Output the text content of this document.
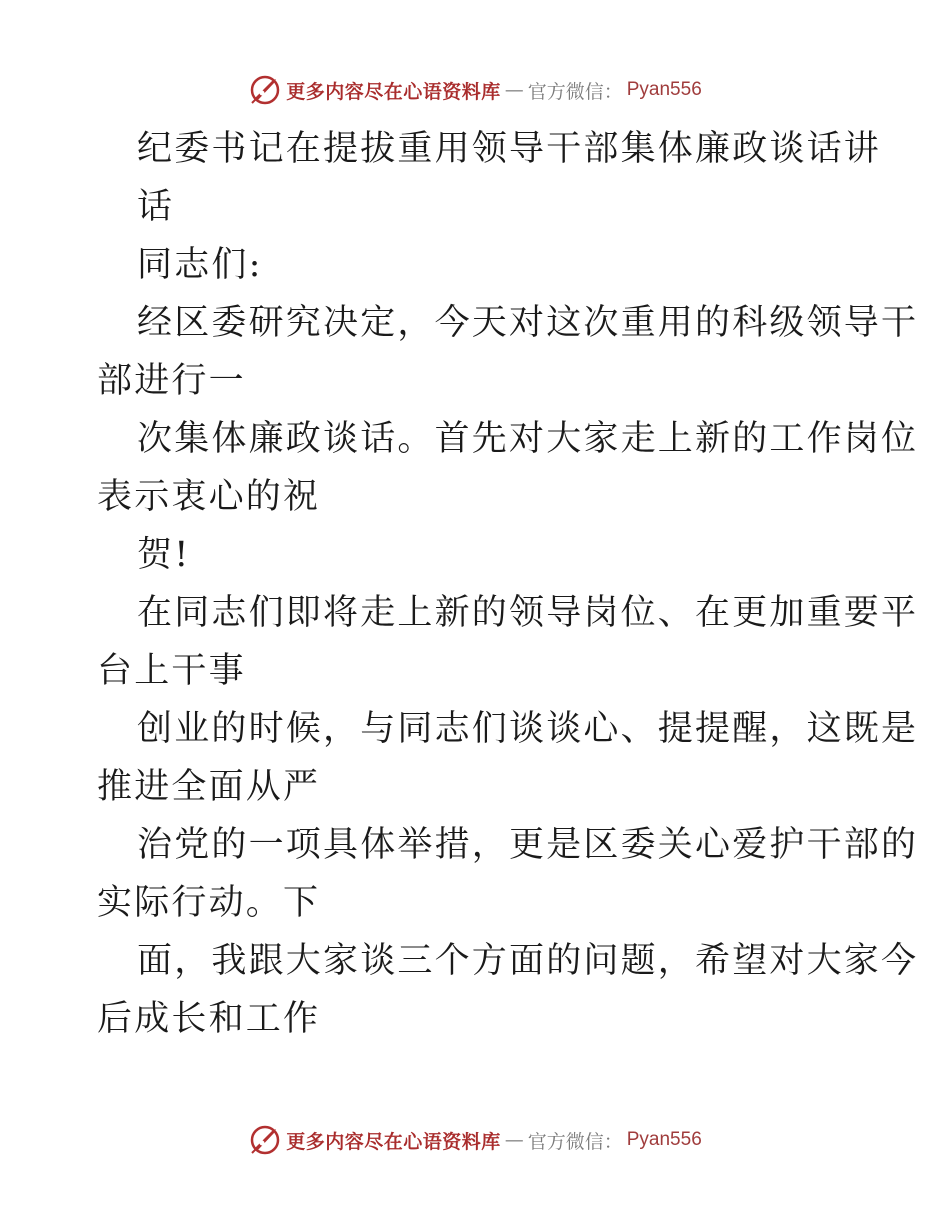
更多内容尽在心语资料库 — 官方微信： Pyan556
纪委书记在提拔重用领导干部集体廉政谈话讲
话
同志们:
经区委研究决定，今天对这次重用的科级领导干
部进行一
次集体廉政谈话。首先对大家走上新的工作岗位
表示衷心的祝
贺!
在同志们即将走上新的领导岗位、在更加重要平
台上干事
创业的时候，与同志们谈谈心、提提醒，这既是
推进全面从严
治党的一项具体举措，更是区委关心爱护干部的
实际行动。下
面，我跟大家谈三个方面的问题，希望对大家今
后成长和工作
更多内容尽在心语资料库 — 官方微信： Pyan556
